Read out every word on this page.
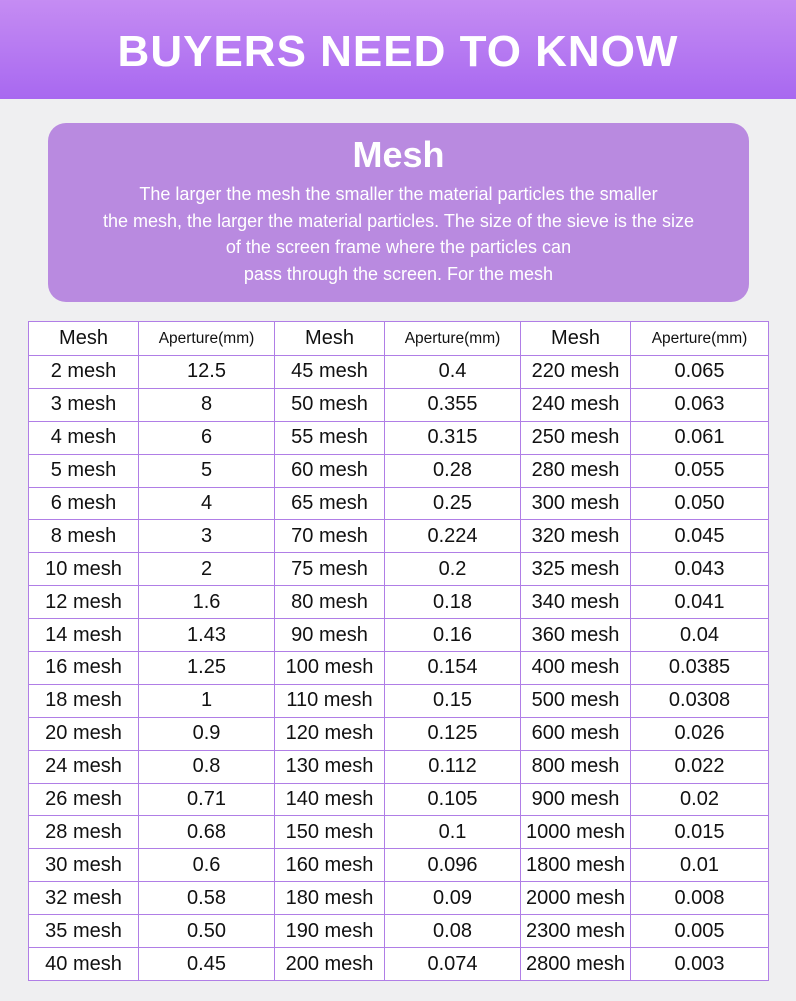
BUYERS NEED TO KNOW
Mesh
The larger the mesh the smaller the material particles the smaller
the mesh, the larger the material particles. The size of the sieve is the size
of the screen frame where the particles can
pass through the screen. For the mesh
Mesh	Aperture(mm)	Mesh	Aperture(mm)	Mesh	Aperture(mm)
2 mesh	12.5	45 mesh	0.4	220 mesh	0.065
3 mesh	8	50 mesh	0.355	240 mesh	0.063
4 mesh	6	55 mesh	0.315	250 mesh	0.061
5 mesh	5	60 mesh	0.28	280 mesh	0.055
6 mesh	4	65 mesh	0.25	300 mesh	0.050
8 mesh	3	70 mesh	0.224	320 mesh	0.045
10 mesh	2	75 mesh	0.2	325 mesh	0.043
12 mesh	1.6	80 mesh	0.18	340 mesh	0.041
14 mesh	1.43	90 mesh	0.16	360 mesh	0.04
16 mesh	1.25	100 mesh	0.154	400 mesh	0.0385
18 mesh	1	110 mesh	0.15	500 mesh	0.0308
20 mesh	0.9	120 mesh	0.125	600 mesh	0.026
24 mesh	0.8	130 mesh	0.112	800 mesh	0.022
26 mesh	0.71	140 mesh	0.105	900 mesh	0.02
28 mesh	0.68	150 mesh	0.1	1000 mesh	0.015
30 mesh	0.6	160 mesh	0.096	1800 mesh	0.01
32 mesh	0.58	180 mesh	0.09	2000 mesh	0.008
35 mesh	0.50	190 mesh	0.08	2300 mesh	0.005
40 mesh	0.45	200 mesh	0.074	2800 mesh	0.003
